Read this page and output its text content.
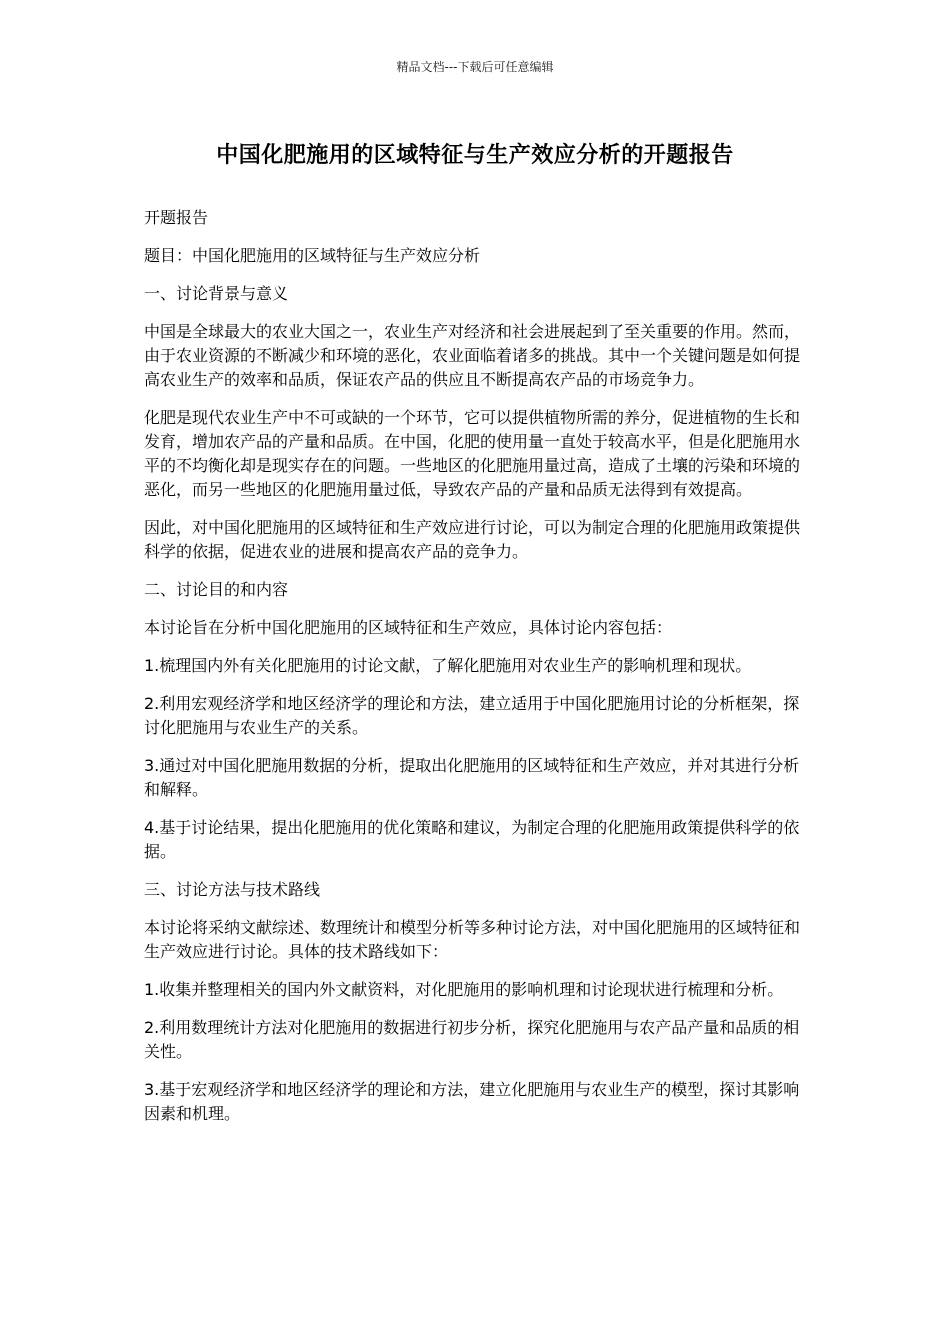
精品文档---下载后可任意编辑
中国化肥施用的区域特征与生产效应分析的开题报告

开题报告

题目：中国化肥施用的区域特征与生产效应分析

一、讨论背景与意义

中国是全球最大的农业大国之一，农业生产对经济和社会进展起到了至关重要的作用。然而，由于农业资源的不断减少和环境的恶化，农业面临着诸多的挑战。其中一个关键问题是如何提高农业生产的效率和品质，保证农产品的供应且不断提高农产品的市场竞争力。

化肥是现代农业生产中不可或缺的一个环节，它可以提供植物所需的养分，促进植物的生长和发育，增加农产品的产量和品质。在中国，化肥的使用量一直处于较高水平，但是化肥施用水平的不均衡化却是现实存在的问题。一些地区的化肥施用量过高，造成了土壤的污染和环境的恶化，而另一些地区的化肥施用量过低，导致农产品的产量和品质无法得到有效提高。

因此，对中国化肥施用的区域特征和生产效应进行讨论，可以为制定合理的化肥施用政策提供科学的依据，促进农业的进展和提高农产品的竞争力。

二、讨论目的和内容

本讨论旨在分析中国化肥施用的区域特征和生产效应，具体讨论内容包括：

1.梳理国内外有关化肥施用的讨论文献，了解化肥施用对农业生产的影响机理和现状。

2.利用宏观经济学和地区经济学的理论和方法，建立适用于中国化肥施用讨论的分析框架，探讨化肥施用与农业生产的关系。

3.通过对中国化肥施用数据的分析，提取出化肥施用的区域特征和生产效应，并对其进行分析和解释。

4.基于讨论结果，提出化肥施用的优化策略和建议，为制定合理的化肥施用政策提供科学的依据。

三、讨论方法与技术路线

本讨论将采纳文献综述、数理统计和模型分析等多种讨论方法，对中国化肥施用的区域特征和生产效应进行讨论。具体的技术路线如下：

1.收集并整理相关的国内外文献资料，对化肥施用的影响机理和讨论现状进行梳理和分析。

2.利用数理统计方法对化肥施用的数据进行初步分析，探究化肥施用与农产品产量和品质的相关性。

3.基于宏观经济学和地区经济学的理论和方法，建立化肥施用与农业生产的模型，探讨其影响因素和机理。
